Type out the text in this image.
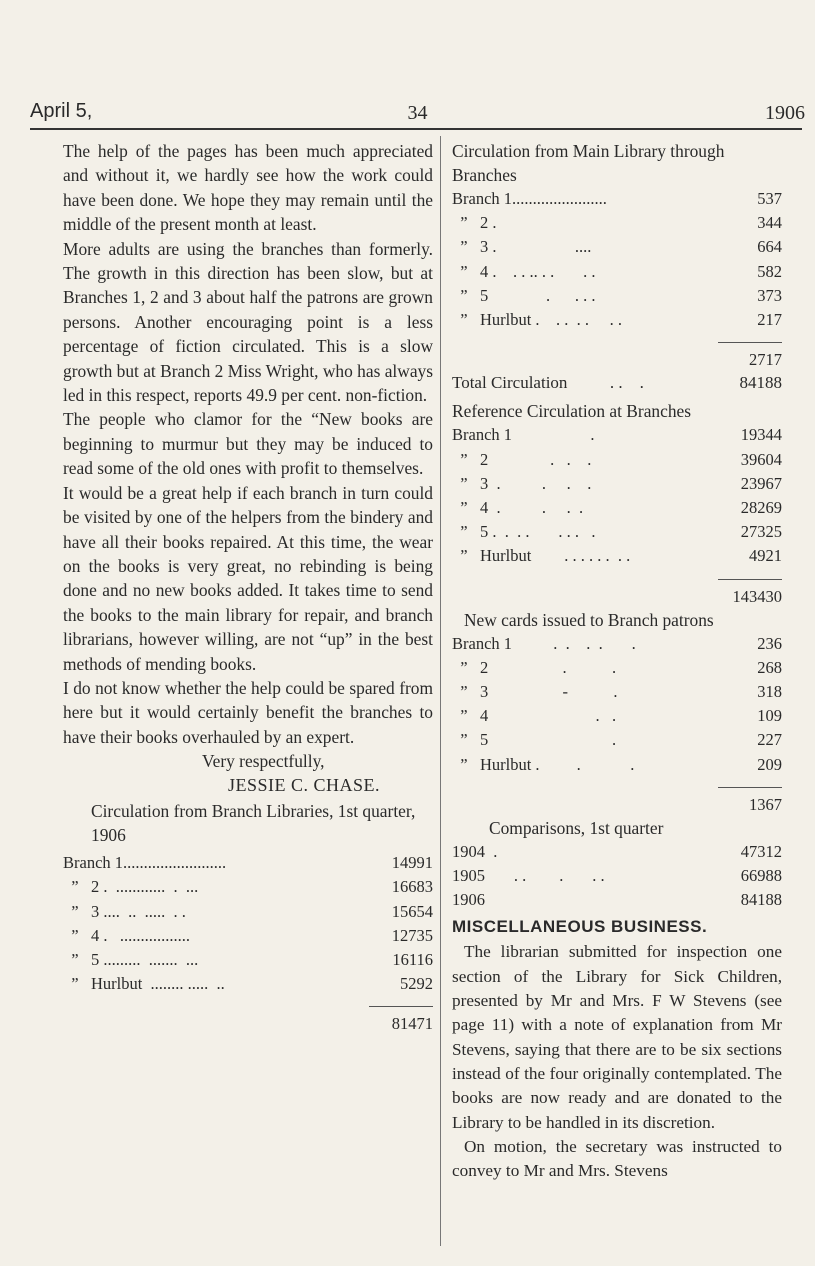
April 5,	34	1906

The help of the pages has been much appreciated and without it, we hardly see how the work could have been done. We hope they may remain until the middle of the present month at least.

More adults are using the branches than formerly. The growth in this direction has been slow, but at Branches 1, 2 and 3 about half the patrons are grown persons. Another encouraging point is a less percentage of fiction circulated. This is a slow growth but at Branch 2 Miss Wright, who has always led in this respect, reports 49.9 per cent. non-fiction.

The people who clamor for the “New books are beginning to murmur but they may be induced to read some of the old ones with profit to themselves.

It would be a great help if each branch in turn could be visited by one of the helpers from the bindery and have all their books repaired. At this time, the wear on the books is very great, no rebinding is being done and no new books added. It takes time to send the books to the main library for repair, and branch librarians, however willing, are not “up” in the best methods of mending books.

I do not know whether the help could be spared from here but it would certainly benefit the branches to have their books overhauled by an expert.

Very respectfully,
JESSIE C. CHASE.
Circulation from Branch Libraries, 1st quarter, 1906
Branch 1.........................	14991
”   2 .  ............  .  ...	16683
”   3 ....  ..  .....  . .	15654
”   4 .   .................	12735
”   5 .........  .......  ...	16116
”   Hurlbut  ........ .....  ..	5292
81471
Circulation from Main Library through Branches
Branch 1.......................	537
”   2 .	344
”   3 .                   ....	664
”   4 .    . . .. . .       . .	582
”   5              .      . . .	373
”   Hurlbut .    . .  . .     . .	217
2717
Total Circulation          . .    .	84188
Reference Circulation at Branches
Branch 1                   .	19344
”   2               .   .    .	39604
”   3  .          .     .    .	23967
”   4  .          .     .  .	28269
”   5 .  .  . .       . . .   .	27325
”   Hurlbut        . . . . . .  . .	4921
143430
New cards issued to Branch patrons
Branch 1          .  .    .  .       .	236
”   2                  .           .	268
”   3                  -           .	318
”   4                          .   .	109
”   5                              .	227
”   Hurlbut .         .            .	209
1367
Comparisons, 1st quarter
1904  .	47312
1905       . .        .       . .	66988
1906	84188
MISCELLANEOUS BUSINESS.

The librarian submitted for inspection one section of the Library for Sick Children, presented by Mr and Mrs. F W Stevens (see page 11) with a note of explanation from Mr Stevens, saying that there are to be six sections instead of the four originally contemplated. The books are now ready and are donated to the Library to be handled in its discretion.

On motion, the secretary was instructed to convey to Mr and Mrs. Stevens
